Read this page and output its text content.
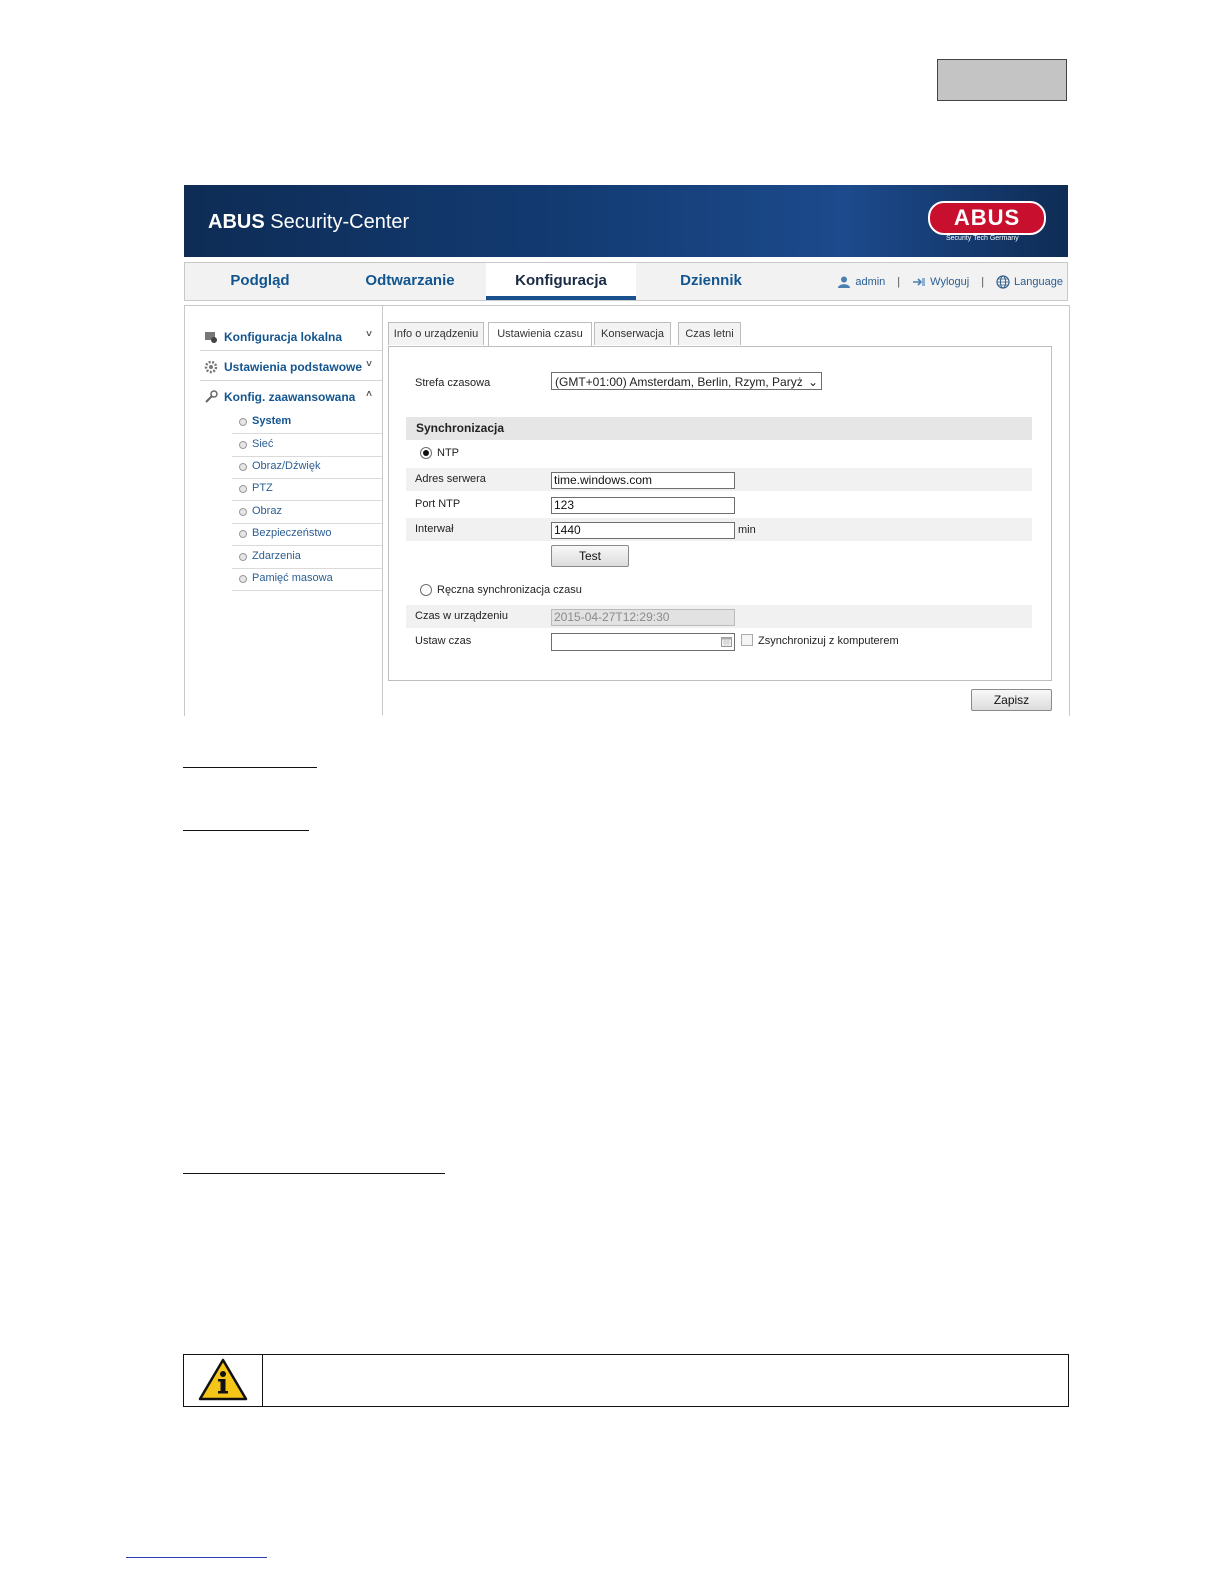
ABUS Security-Center	ABUS
Security Tech Germany
Podgląd	Odtwarzanie	Konfiguracja	Dziennik	admin |	Wyloguj |	Language
Konfiguracja lokalna ˅
Ustawienia podstawowe ˅
Konfig. zaawansowana ˄
System
Sieć
Obraz/Dźwięk
PTZ
Obraz
Bezpieczeństwo
Zdarzenia
Pamięć masowa
Info o urządzeniu	Ustawienia czasu	Konserwacja	Czas letni
Strefa czasowa	(GMT+01:00) Amsterdam, Berlin, Rzym, Paryż ⌄
Synchronizacja
NTP
Adres serwera	time.windows.com
Port NTP	123
Interwał	1440	min
Test
Ręczna synchronizacja czasu
Czas w urządzeniu	2015-04-27T12:29:30
Ustaw czas	Zsynchronizuj z komputerem
Zapisz
